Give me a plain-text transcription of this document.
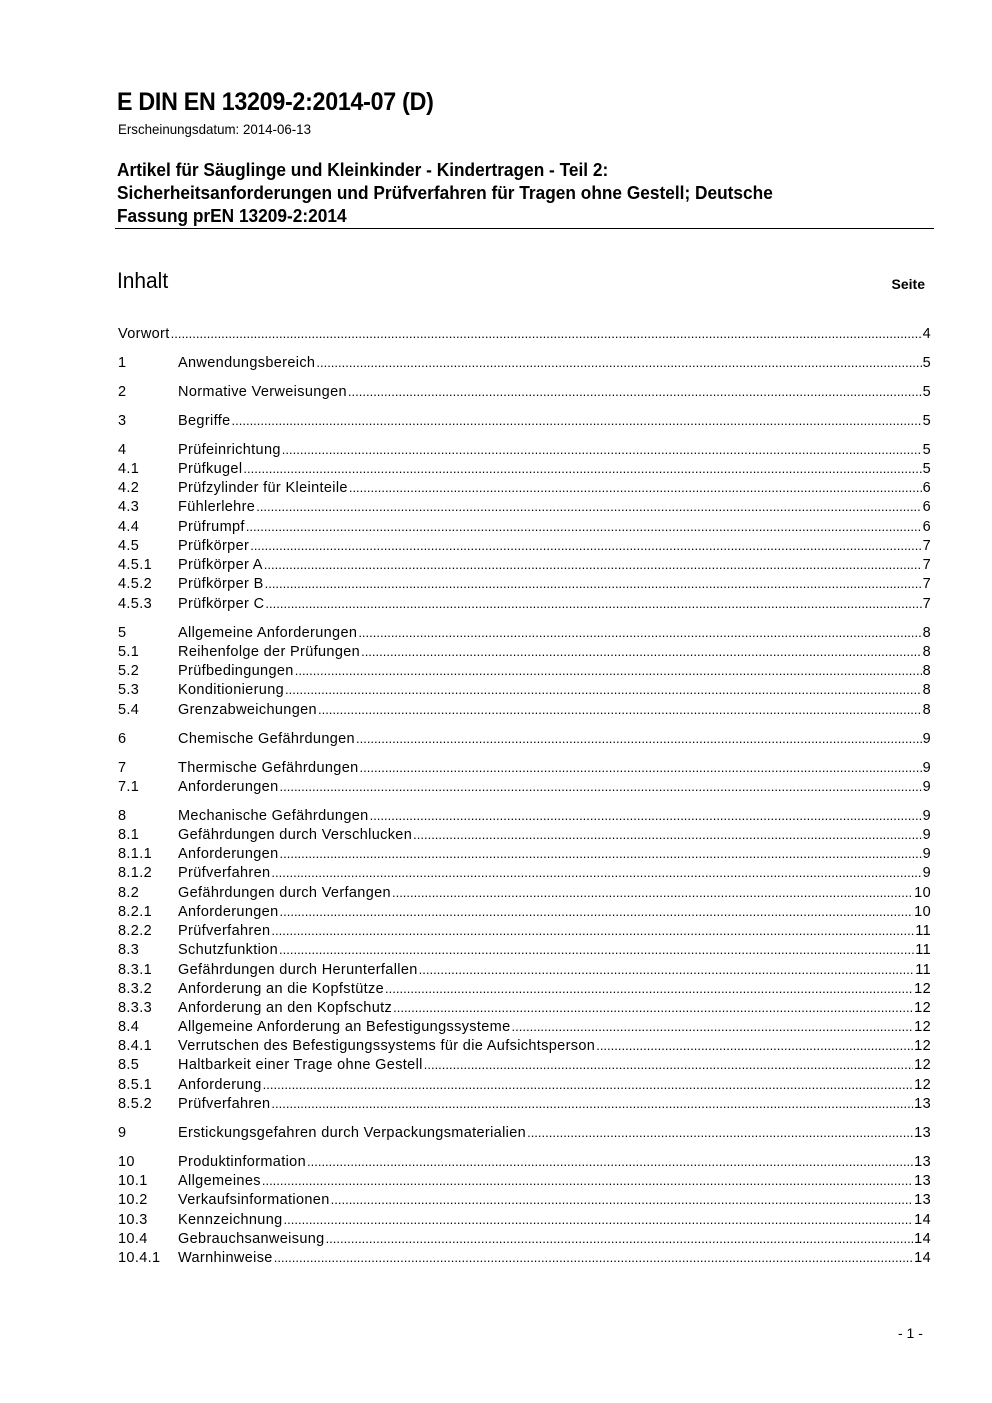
E DIN EN 13209-2:2014-07 (D)
Erscheinungsdatum: 2014-06-13
Artikel für Säuglinge und Kleinkinder - Kindertragen - Teil 2:
Sicherheitsanforderungen und Prüfverfahren für Tragen ohne Gestell; Deutsche
Fassung prEN 13209-2:2014
Inhalt	Seite
Vorwort .....	4
1	Anwendungsbereich .....	5
2	Normative Verweisungen .....	5
3	Begriffe .....	5
4	Prüfeinrichtung .....	5
4.1	Prüfkugel .....	5
4.2	Prüfzylinder für Kleinteile .....	6
4.3	Fühlerlehre .....	6
4.4	Prüfrumpf .....	6
4.5	Prüfkörper .....	7
4.5.1	Prüfkörper A .....	7
4.5.2	Prüfkörper B .....	7
4.5.3	Prüfkörper C .....	7
5	Allgemeine Anforderungen .....	8
5.1	Reihenfolge der Prüfungen .....	8
5.2	Prüfbedingungen .....	8
5.3	Konditionierung .....	8
5.4	Grenzabweichungen .....	8
6	Chemische Gefährdungen .....	9
7	Thermische Gefährdungen .....	9
7.1	Anforderungen .....	9
8	Mechanische Gefährdungen .....	9
8.1	Gefährdungen durch Verschlucken .....	9
8.1.1	Anforderungen .....	9
8.1.2	Prüfverfahren .....	9
8.2	Gefährdungen durch Verfangen .....	10
8.2.1	Anforderungen .....	10
8.2.2	Prüfverfahren .....	11
8.3	Schutzfunktion .....	11
8.3.1	Gefährdungen durch Herunterfallen .....	11
8.3.2	Anforderung an die Kopfstütze .....	12
8.3.3	Anforderung an den Kopfschutz .....	12
8.4	Allgemeine Anforderung an Befestigungssysteme .....	12
8.4.1	Verrutschen des Befestigungssystems für die Aufsichtsperson .....	12
8.5	Haltbarkeit einer Trage ohne Gestell .....	12
8.5.1	Anforderung .....	12
8.5.2	Prüfverfahren .....	13
9	Erstickungsgefahren durch Verpackungsmaterialien .....	13
10	Produktinformation .....	13
10.1	Allgemeines .....	13
10.2	Verkaufsinformationen .....	13
10.3	Kennzeichnung .....	14
10.4	Gebrauchsanweisung .....	14
10.4.1	Warnhinweise .....	14
- 1 -
